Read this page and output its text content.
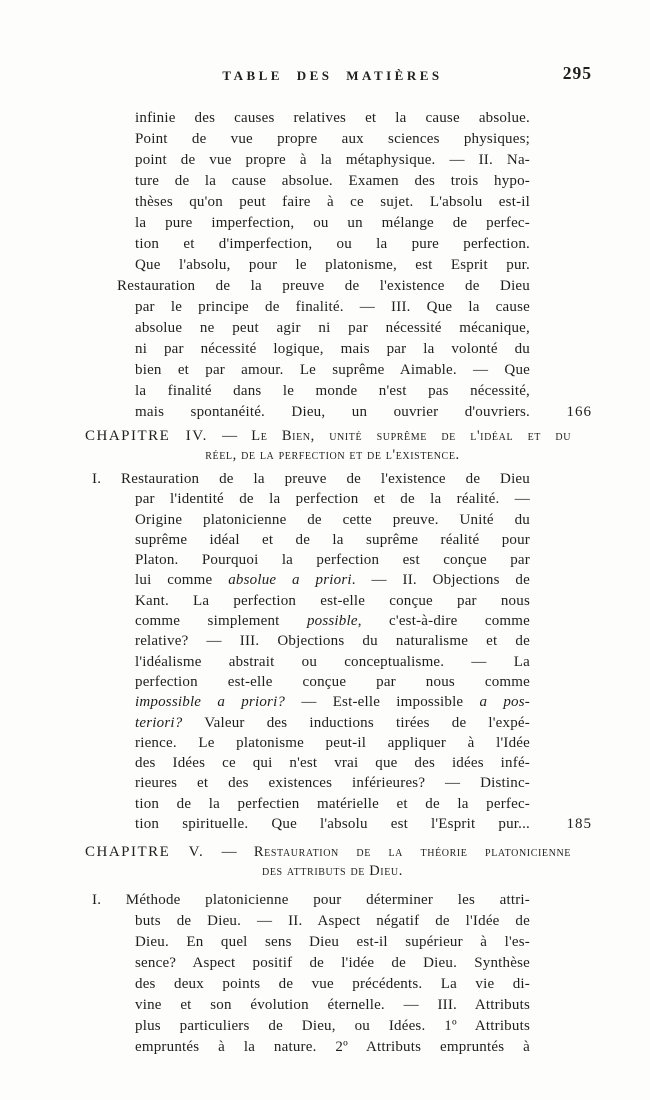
TABLE DES MATIÈRES	295
infinie des causes relatives et la cause absolue.
Point de vue propre aux sciences physiques;
point de vue propre à la métaphysique. — II. Na-
ture de la cause absolue. Examen des trois hypo-
thèses qu'on peut faire à ce sujet. L'absolu est-il
la pure imperfection, ou un mélange de perfec-
tion et d'imperfection, ou la pure perfection.
Que l'absolu, pour le platonisme, est Esprit pur.
Restauration de la preuve de l'existence de Dieu
par le principe de finalité. — III. Que la cause
absolue ne peut agir ni par nécessité mécanique,
ni par nécessité logique, mais par la volonté du
bien et par amour. Le suprême Aimable. — Que
la finalité dans le monde n'est pas nécessité,
mais spontanéité. Dieu, un ouvrier d'ouvriers. 166
CHAPITRE IV. — Le Bien, unité suprême de l'idéal et du
réel, de la perfection et de l'existence.
I. Restauration de la preuve de l'existence de Dieu
par l'identité de la perfection et de la réalité. —
Origine platonicienne de cette preuve. Unité du
suprême idéal et de la suprême réalité pour
Platon. Pourquoi la perfection est conçue par
lui comme absolue a priori. — II. Objections de
Kant. La perfection est-elle conçue par nous
comme simplement possible, c'est-à-dire comme
relative? — III. Objections du naturalisme et de
l'idéalisme abstrait ou conceptualisme. — La
perfection est-elle conçue par nous comme
impossible a priori? — Est-elle impossible a pos-
teriori? Valeur des inductions tirées de l'expé-
rience. Le platonisme peut-il appliquer à l'Idée
des Idées ce qui n'est vrai que des idées infé-
rieures et des existences inférieures? — Distinc-
tion de la perfectien matérielle et de la perfec-
tion spirituelle. Que l'absolu est l'Esprit pur... 185
CHAPITRE V. — Restauration de la théorie platonicienne
des attributs de Dieu.
I. Méthode platonicienne pour déterminer les attri-
buts de Dieu. — II. Aspect négatif de l'Idée de
Dieu. En quel sens Dieu est-il supérieur à l'es-
sence? Aspect positif de l'idée de Dieu. Synthèse
des deux points de vue précédents. La vie di-
vine et son évolution éternelle. — III. Attributs
plus particuliers de Dieu, ou Idées. 1º Attributs
empruntés à la nature. 2º Attributs empruntés à
